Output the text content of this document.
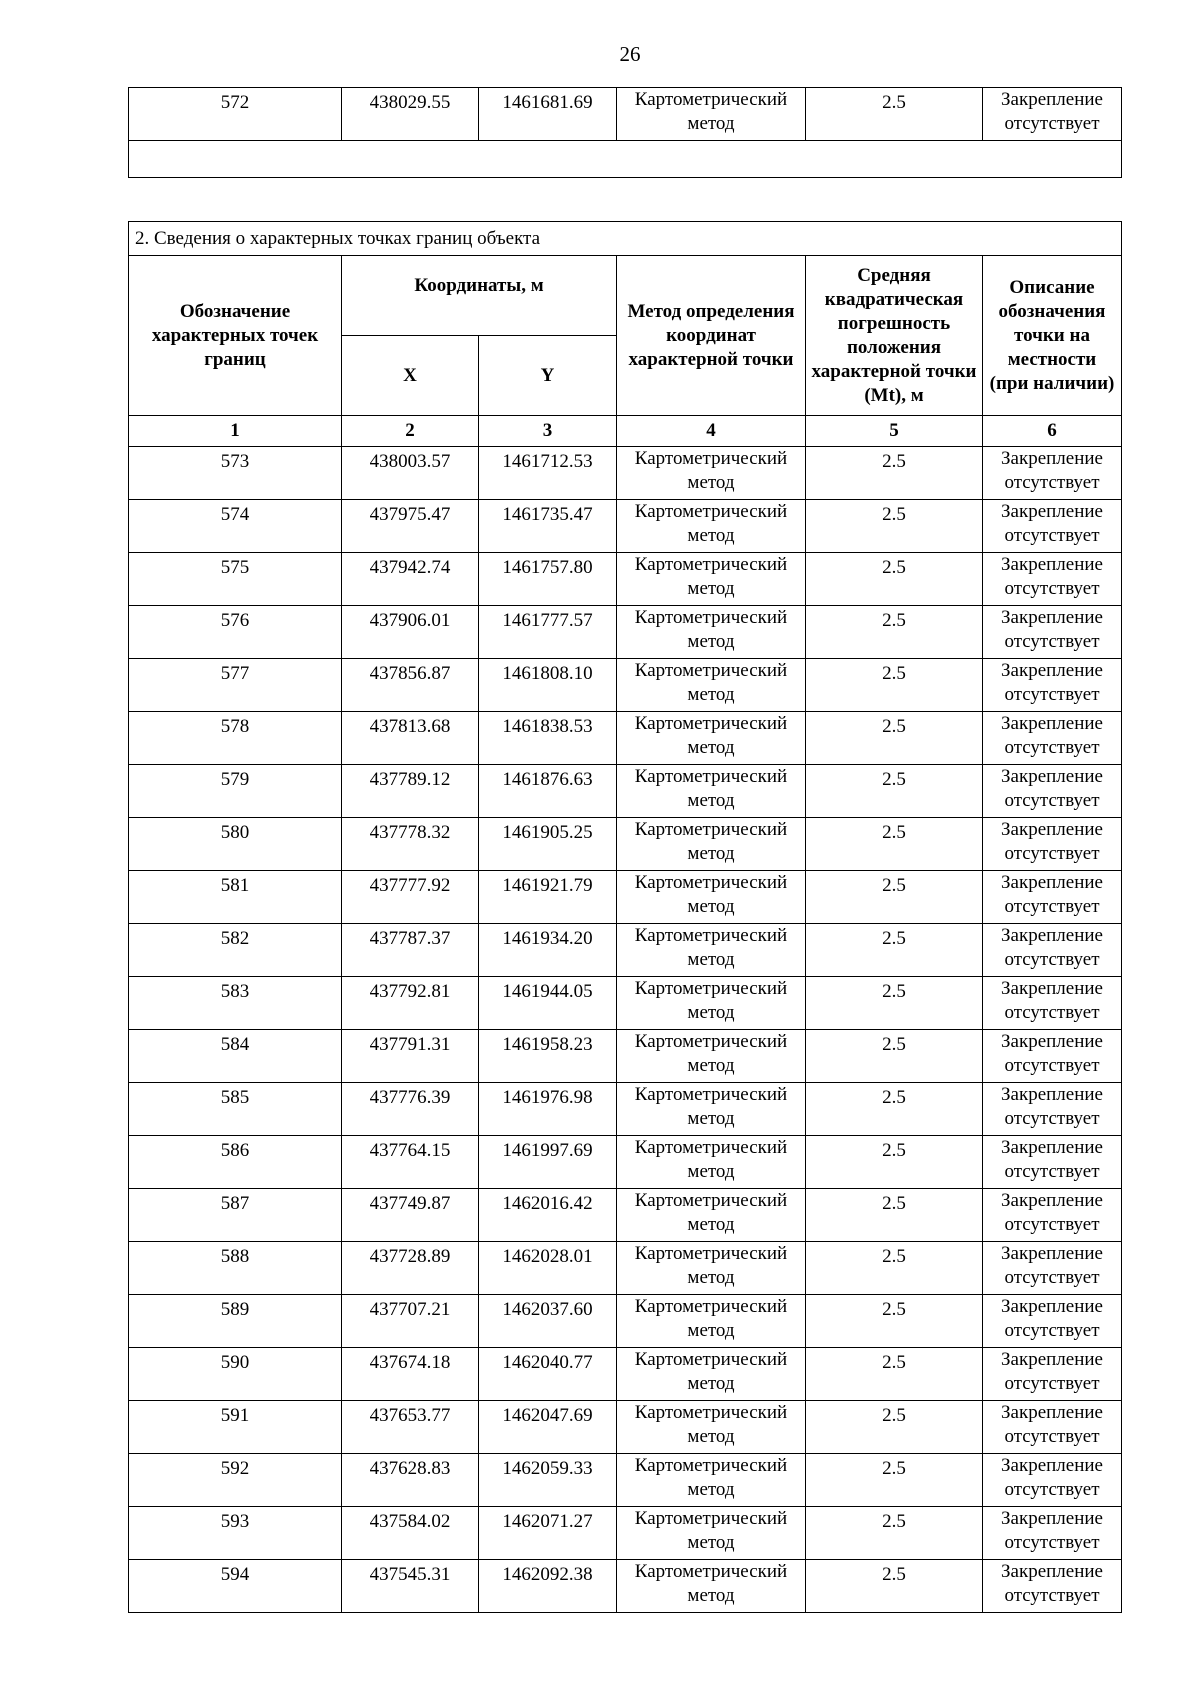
26
572	438029.55	1461681.69	Картометрический метод	2.5	Закрепление отсутствует

2. Сведения о характерных точках границ объекта					
Обозначение характерных точек границ	Координаты, м		Метод определения координат характерной точки	Средняя квадратическая погрешность положения характерной точки (Mt), м	Описание обозначения точки на местности (при наличии)
	X	Y			
1	2	3	4	5	6
573	438003.57	1461712.53	Картометрический метод	2.5	Закрепление отсутствует
574	437975.47	1461735.47	Картометрический метод	2.5	Закрепление отсутствует
575	437942.74	1461757.80	Картометрический метод	2.5	Закрепление отсутствует
576	437906.01	1461777.57	Картометрический метод	2.5	Закрепление отсутствует
577	437856.87	1461808.10	Картометрический метод	2.5	Закрепление отсутствует
578	437813.68	1461838.53	Картометрический метод	2.5	Закрепление отсутствует
579	437789.12	1461876.63	Картометрический метод	2.5	Закрепление отсутствует
580	437778.32	1461905.25	Картометрический метод	2.5	Закрепление отсутствует
581	437777.92	1461921.79	Картометрический метод	2.5	Закрепление отсутствует
582	437787.37	1461934.20	Картометрический метод	2.5	Закрепление отсутствует
583	437792.81	1461944.05	Картометрический метод	2.5	Закрепление отсутствует
584	437791.31	1461958.23	Картометрический метод	2.5	Закрепление отсутствует
585	437776.39	1461976.98	Картометрический метод	2.5	Закрепление отсутствует
586	437764.15	1461997.69	Картометрический метод	2.5	Закрепление отсутствует
587	437749.87	1462016.42	Картометрический метод	2.5	Закрепление отсутствует
588	437728.89	1462028.01	Картометрический метод	2.5	Закрепление отсутствует
589	437707.21	1462037.60	Картометрический метод	2.5	Закрепление отсутствует
590	437674.18	1462040.77	Картометрический метод	2.5	Закрепление отсутствует
591	437653.77	1462047.69	Картометрический метод	2.5	Закрепление отсутствует
592	437628.83	1462059.33	Картометрический метод	2.5	Закрепление отсутствует
593	437584.02	1462071.27	Картометрический метод	2.5	Закрепление отсутствует
594	437545.31	1462092.38	Картометрический метод	2.5	Закрепление отсутствует
